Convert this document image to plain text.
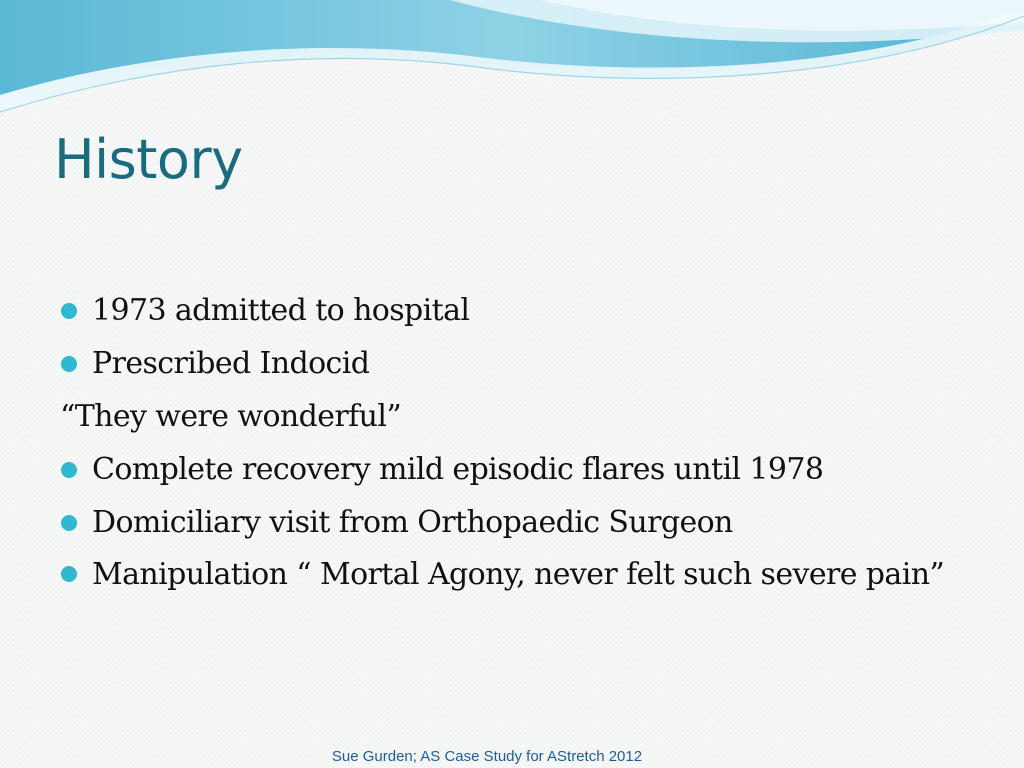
History
1973 admitted to hospital
Prescribed Indocid
“They were wonderful”
Complete recovery mild episodic flares until 1978
Domiciliary visit from Orthopaedic Surgeon
Manipulation “ Mortal Agony, never felt such severe pain”
Sue Gurden; AS Case Study for AStretch 2012
